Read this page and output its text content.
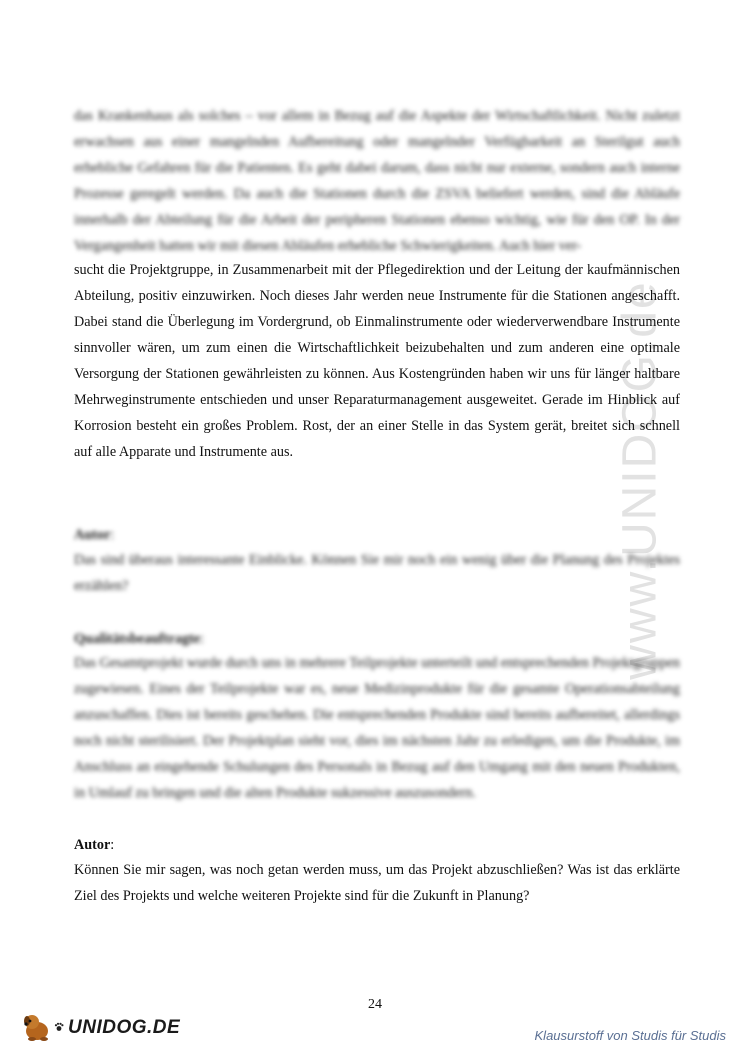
www.UNIDOG.de
das Krankenhaus als solches – vor allem in Bezug auf die Aspekte der Wirtschaftlichkeit. Nicht zuletzt erwachsen aus einer mangelnden Aufbereitung oder mangelnder Verfügbarkeit an Sterilgut auch erhebliche Gefahren für die Patienten. Es geht dabei darum, dass nicht nur externe, sondern auch interne Prozesse geregelt werden. Da auch die Stationen durch die ZSVA beliefert werden, sind die Abläufe innerhalb der Abteilung für die Arbeit der peripheren Stationen ebenso wichtig, wie für den OP. In der Vergangenheit hatten wir mit diesen Abläufen erhebliche Schwierigkeiten. Auch hier ver-
sucht die Projektgruppe, in Zusammenarbeit mit der Pflegedirektion und der Leitung der kaufmännischen Abteilung, positiv einzuwirken. Noch dieses Jahr werden neue Instrumente für die Stationen angeschafft. Dabei stand die Überlegung im Vordergrund, ob Einmalinstrumente oder wiederverwendbare Instrumente sinnvoller wären, um zum einen die Wirtschaftlichkeit beizubehalten und zum anderen eine optimale Versorgung der Stationen gewährleisten zu können. Aus Kostengründen haben wir uns für länger haltbare Mehrweginstrumente entschieden und unser Reparaturmanagement ausgeweitet. Gerade im Hinblick auf Korrosion besteht ein großes Problem. Rost, der an einer Stelle in das System gerät, breitet sich schnell auf alle Apparate und Instrumente aus.
Autor:
Das sind überaus interessante Einblicke. Können Sie mir noch ein wenig über die Planung des Projektes erzählen?
Qualitätsbeauftragte:
Das Gesamtprojekt wurde durch uns in mehrere Teilprojekte unterteilt und entsprechenden Projektgruppen zugewiesen. Eines der Teilprojekte war es, neue Medizinprodukte für die gesamte Operationsabteilung anzuschaffen. Dies ist bereits geschehen. Die entsprechenden Produkte sind bereits aufbereitet, allerdings noch nicht sterilisiert. Der Projektplan sieht vor, dies im nächsten Jahr zu erledigen, um die Produkte, im Anschluss an eingehende Schulungen des Personals in Bezug auf den Umgang mit den neuen Produkten, in Umlauf zu bringen und die alten Produkte sukzessive auszusondern.
Autor:
Können Sie mir sagen, was noch getan werden muss, um das Projekt abzuschließen? Was ist das erklärte Ziel des Projekts und welche weiteren Projekte sind für die Zukunft in Planung?
24
UNIDOG.DE	Klausurstoff von Studis für Studis
